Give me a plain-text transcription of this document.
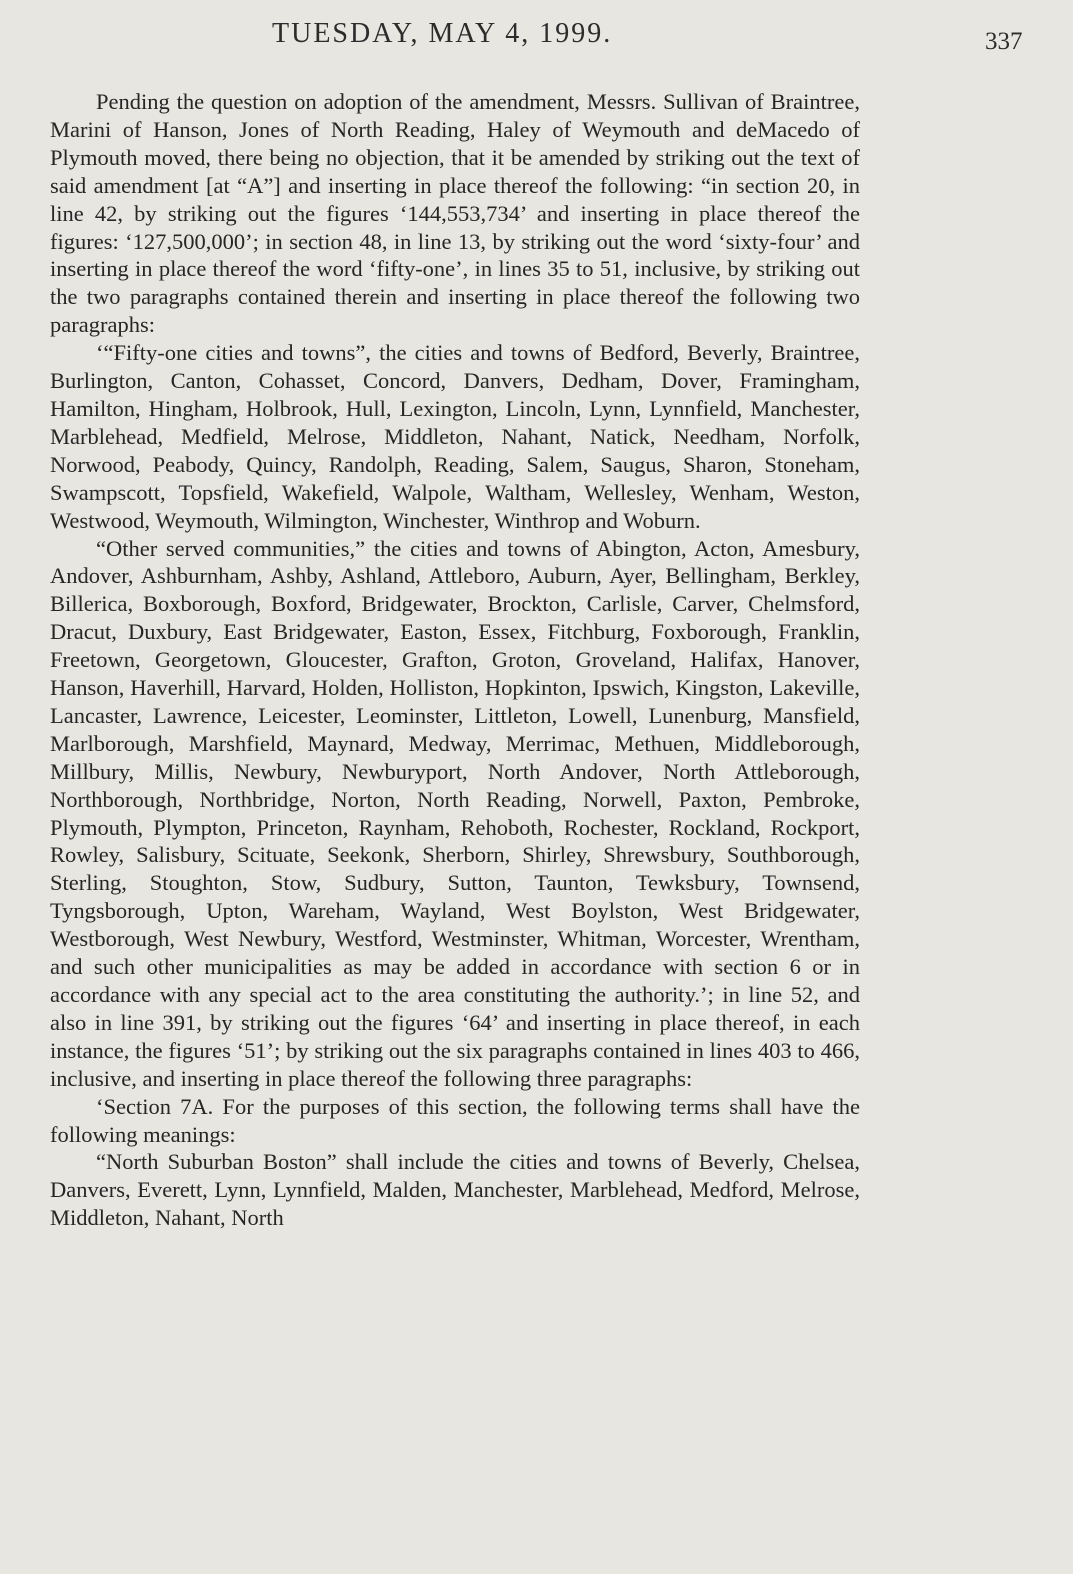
TUESDAY, MAY 4, 1999.	337

Pending the question on adoption of the amendment, Messrs. Sullivan of Braintree, Marini of Hanson, Jones of North Reading, Haley of Weymouth and deMacedo of Plymouth moved, there being no objection, that it be amended by striking out the text of said amendment [at “A”] and inserting in place thereof the following: “in section 20, in line 42, by striking out the figures ‘144,553,734’ and inserting in place thereof the figures: ‘127,500,000’; in section 48, in line 13, by striking out the word ‘sixty-four’ and inserting in place thereof the word ‘fifty-one’, in lines 35 to 51, inclusive, by striking out the two paragraphs contained therein and inserting in place thereof the following two paragraphs:

‘“Fifty-one cities and towns”, the cities and towns of Bedford, Beverly, Braintree, Burlington, Canton, Cohasset, Concord, Danvers, Dedham, Dover, Framingham, Hamilton, Hingham, Holbrook, Hull, Lexington, Lincoln, Lynn, Lynnfield, Manchester, Marblehead, Medfield, Melrose, Middleton, Nahant, Natick, Needham, Norfolk, Norwood, Peabody, Quincy, Randolph, Reading, Salem, Saugus, Sharon, Stoneham, Swampscott, Topsfield, Wakefield, Walpole, Waltham, Wellesley, Wenham, Weston, Westwood, Weymouth, Wilmington, Winchester, Winthrop and Woburn.

“Other served communities,” the cities and towns of Abington, Acton, Amesbury, Andover, Ashburnham, Ashby, Ashland, Attleboro, Auburn, Ayer, Bellingham, Berkley, Billerica, Boxborough, Boxford, Bridgewater, Brockton, Carlisle, Carver, Chelmsford, Dracut, Duxbury, East Bridgewater, Easton, Essex, Fitchburg, Foxborough, Franklin, Freetown, Georgetown, Gloucester, Grafton, Groton, Groveland, Halifax, Hanover, Hanson, Haverhill, Harvard, Holden, Holliston, Hopkinton, Ipswich, Kingston, Lakeville, Lancaster, Lawrence, Leicester, Leominster, Littleton, Lowell, Lunenburg, Mansfield, Marlborough, Marshfield, Maynard, Medway, Merrimac, Methuen, Middleborough, Millbury, Millis, Newbury, Newburyport, North Andover, North Attleborough, Northborough, Northbridge, Norton, North Reading, Norwell, Paxton, Pembroke, Plymouth, Plympton, Princeton, Raynham, Rehoboth, Rochester, Rockland, Rockport, Rowley, Salisbury, Scituate, Seekonk, Sherborn, Shirley, Shrewsbury, Southborough, Sterling, Stoughton, Stow, Sudbury, Sutton, Taunton, Tewksbury, Townsend, Tyngsborough, Upton, Wareham, Wayland, West Boylston, West Bridgewater, Westborough, West Newbury, Westford, Westminster, Whitman, Worcester, Wrentham, and such other municipalities as may be added in accordance with section 6 or in accordance with any special act to the area constituting the authority.’; in line 52, and also in line 391, by striking out the figures ‘64’ and inserting in place thereof, in each instance, the figures ‘51’; by striking out the six paragraphs contained in lines 403 to 466, inclusive, and inserting in place thereof the following three paragraphs:

‘Section 7A. For the purposes of this section, the following terms shall have the following meanings:

“North Suburban Boston” shall include the cities and towns of Beverly, Chelsea, Danvers, Everett, Lynn, Lynnfield, Malden, Manchester, Marblehead, Medford, Melrose, Middleton, Nahant, North
